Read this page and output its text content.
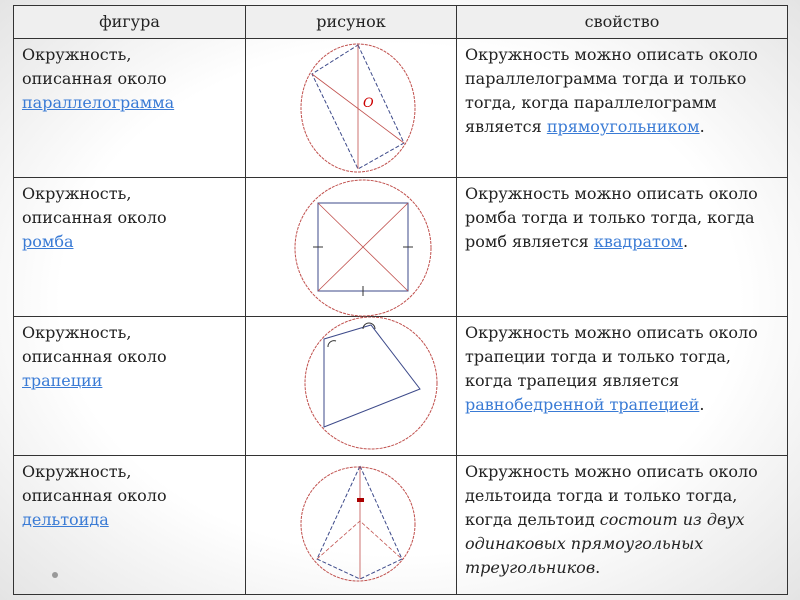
фигура	рисунок	свойство
Окружность,
описанная около
параллелограмма	O	Окружность можно описать около параллелограмма тогда и только тогда, когда параллелограмм является прямоугольником.
Окружность,
описанная около
ромба		Окружность можно описать около ромба тогда и только тогда, когда ромб является квадратом.
Окружность,
описанная около
трапеции		Окружность можно описать около трапеции тогда и только тогда, когда трапеция является равнобедренной трапецией.
Окружность,
описанная около
дельтоида		Окружность можно описать около дельтоида тогда и только тогда, когда дельтоид состоит из двух одинаковых прямоугольных треугольников.
